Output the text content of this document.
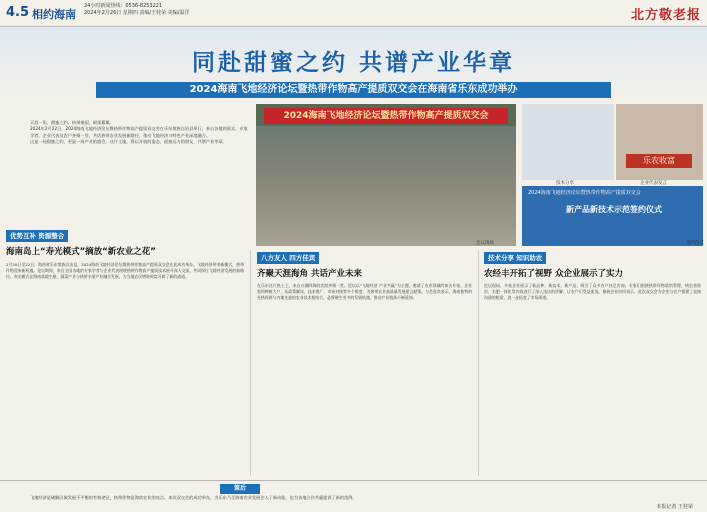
4.5 相约海南
24小时新闻热线：0536-8253221
2024年2月26日 星期四 责编/王桂荣 美编/温洋	北方敬老报
同赴甜蜜之约 共谱产业华章
2024海南飞地经济论坛暨热带作物高产提质双交会在海南省乐东成功举办

天涯一角，甜蜜之约。热带果园，硕果累累。

2024年2月22日，2024海南飞地经济论坛暨热带作物高产提质双交会在乐东黎族自治县举行，来自各地的嘉宾、专家学者、企业代表及农户齐聚一堂，共话热带农业发展新路径，推动飞地经济与特色产业深度融合。

这是一场甜蜜之约，更是一场产业的盛会。这片土地，将以开放的姿态，迎接远方的朋友，共谱产业华章。

2024海南飞地经济论坛暨热带作物高产提质双交会
会议现场
技术分享
乐农收富
企业代表发言
2024海南飞地经济论坛暨热带作物高产提质双交会
新产品新技术示范签约仪式
签约仪式
优势互补 资源整合
海南岛上“寿光模式”摘放“新农业之花”

2月20日至22日，海南省乐东黎族自治县，2024海南飞地经济论坛暨热带作物高产提质双交会在此成功举办。飞地经济带来新模式，热带作物迎来新机遇。论坛期间，来自全国各地的专家学者与企业代表围绕热带作物高产提质技术展开深入交流，共同探讨飞地经济发展的新路径。寿光模式在海南落地生根，蔬菜产业与热带水果产业融合发展，为当地农民增收致富开辟了新的通道。

八方友人 四方佳宾
齐聚天涯海角 共话产业未来

在乐东这片热土上，来自五湖四海的宾朋齐聚一堂。论坛以“飞地经济 产业共赢”为主题，邀请了农业领域的知名专家、企业家和种植大户，从政策解读、技术推广、市场对接等多个维度，为热带农业高质量发展建言献策。与会嘉宾表示，海南独特的光热资源与内地先进的农业技术相结合，必将催生更多的发展机遇，推动产业链条不断延伸。

技术分享 知识助农
农经丰开拓了视野 众企业展示了实力

论坛现场，多家企业展示了新品种、新技术、新产品，吸引了众多农户驻足咨询。专家们围绕热带作物栽培管理、病虫害防治、水肥一体化等内容进行了深入浅出的讲解，让农户们受益匪浅。参展企业纷纷表示，此次双交会为企业与农户搭建了直接沟通的桥梁，进一步拓宽了市场渠道。

策后
飞地经济是破解区域发展不平衡的有效途径，热带作物是海南农业的亮点。本次双交会的成功举办，为乐东乃至海南农业发展注入了新动能，也为各地合作共赢提供了新的范例。
本报记者 王桂荣
